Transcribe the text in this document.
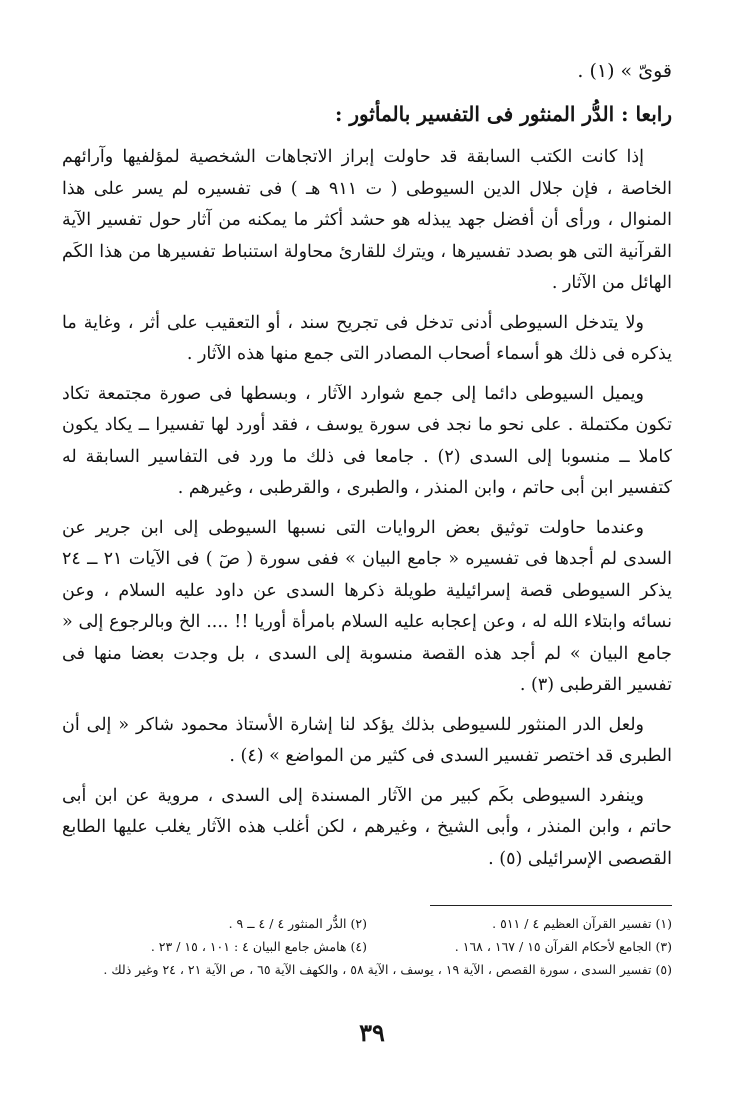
قوىّ » (١) .
رابعا : الدُّر المنثور فى التفسير بالمأثور :

إذا كانت الكتب السابقة قد حاولت إبراز الاتجاهات الشخصية لمؤلفيها وآرائهم الخاصة ، فإن جلال الدين السيوطى ( ت ٩١١ هـ ) فى تفسيره لم يسر على هذا المنوال ، ورأى أن أفضل جهد يبذله هو حشد أكثر ما يمكنه من آثار حول تفسير الآية القرآنية التى هو بصدد تفسيرها ، ويترك للقارئ محاولة استنباط تفسيرها من هذا الكَم الهائل من الآثار .

ولا يتدخل السيوطى أدنى تدخل فى تجريح سند ، أو التعقيب على أثر ، وغاية ما يذكره فى ذلك هو أسماء أصحاب المصادر التى جمع منها هذه الآثار .

ويميل السيوطى دائما إلى جمع شوارد الآثار ، وبسطها فى صورة مجتمعة تكاد تكون مكتملة . على نحو ما نجد فى سورة يوسف ، فقد أورد لها تفسيرا ــ يكاد يكون كاملا ــ منسوبا إلى السدى (٢) . جامعا فى ذلك ما ورد فى التفاسير السابقة له كتفسير ابن أبى حاتم ، وابن المنذر ، والطبرى ، والقرطبى ، وغيرهم .

وعندما حاولت توثيق بعض الروايات التى نسبها السيوطى إلى ابن جرير عن السدى لم أجدها فى تفسيره « جامع البيان » ففى سورة ( صٓ ) فى الآيات ٢١ ــ ٢٤ يذكر السيوطى قصة إسرائيلية طويلة ذكرها السدى عن داود عليه السلام ، وعن نسائه وابتلاء الله له ، وعن إعجابه عليه السلام بامرأة أوريا !! .... الخ وبالرجوع إلى « جامع البيان » لم أجد هذه القصة منسوبة إلى السدى ، بل وجدت بعضا منها فى تفسير القرطبى (٣) .

ولعل الدر المنثور للسيوطى بذلك يؤكد لنا إشارة الأستاذ محمود شاكر « إلى أن الطبرى قد اختصر تفسير السدى فى كثير من المواضع » (٤) .

وينفرد السيوطى بكَم كبير من الآثار المسندة إلى السدى ، مروية عن ابن أبى حاتم ، وابن المنذر ، وأبى الشيخ ، وغيرهم ، لكن أغلب هذه الآثار يغلب عليها الطابع القصصى الإسرائيلى (٥) .

(١) تفسير القرآن العظيم ٤ / ٥١١ .
(٢) الدُّر المنثور ٤ / ٤ ــ ٩ .
(٣) الجامع لأحكام القرآن ١٥ / ١٦٧ ، ١٦٨ .
(٤) هامش جامع البيان ٤ : ١٠١ ، ١٥ / ٢٣ .
(٥) تفسير السدى ، سورة القصص ، الآية ١٩ ، يوسف ، الآية ٥٨ ، والكهف الآية ٦٥ ، ص الآية ٢١ ، ٢٤ وغير ذلك .
٣٩
